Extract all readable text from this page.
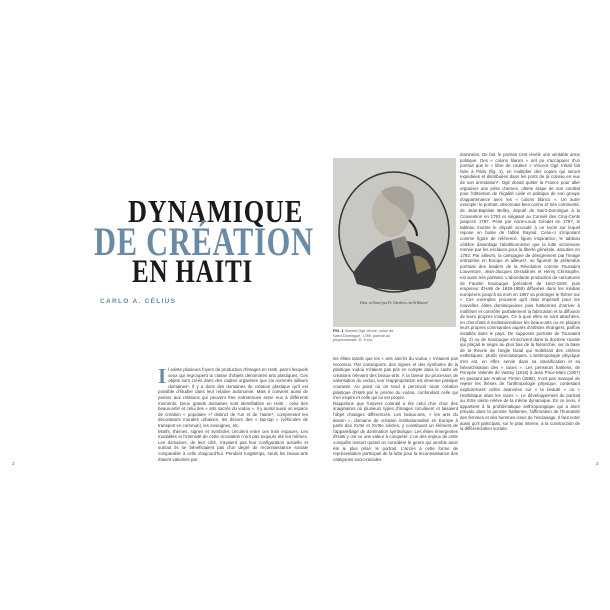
DYNAMIQUE
DE CRÉATION
EN HAITI
CARLO A. CÉLIUS
I l existe plusieurs foyers de production d'images en Haïti, parmi lesquels ceux qui regroupent la classe d'objets dénommés arts plastiques. Ces objets sont créés dans des cadres organisés que j'ai nommés ailleurs domaines¹. Il y a donc des domaines de création plastique qu'il est possible d'étudier dans leur relative autonomie. Mais il convient aussi de penser aux relations qui peuvent être entretenues entre eux à différents moments. Deux grands domaines sont identifiables en Haïti : celui des beaux-arts² et celui des « arts sacrés du vodou ». Il y aurait aussi un espace de création « populaire »³ distinct de l'un et de l'autre⁴, comprenant les décorations murales urbaines, les décors des « tap-tap » (véhicules de transport en commun), les enseignes, etc.

Motifs, thèmes, signes et symboles circulent entre ces trois espaces. Les modalités et l'intensité de cette circulation n'ont pas toujours été les mêmes. Les domaines, de leur côté, n'avaient pas leur configuration actuelle et surtout ils ne bénéficiaient pas d'un degré de reconnaissance sociale comparable à celle d'aujourd'hui. Pendant longtemps, seuls les beaux-arts étaient valorisés par

2
Dess. et Gravé par Fr. Chrétien, rue St Honoré
FIG. 1 Vincent Ogé Jeune, colon de Saint-Domingue, 1789, portrait au physionotrace. D. 9 cm.

les élites tandis que les « arts sacrés du vodou » n'étaient pas reconnus. Par conséquent, des signes et des symboles de la plastique vodou n'étaient pas pris en compte dans le cadre de créations relevant des beaux-arts. À la faveur du processus de valorisation du vodou, leur réappropriation est devenue pratique courante. Au point où on tend à percevoir toute création plastique d'Haïti par le prisme du vodou, confondant celle qui s'en inspire et celle qui lui est propre.

Rappelons que l'univers colonial a été celui d'un choc des imaginaires où plusieurs types d'images circulaient et faisaient l'objet d'usages différenciés. Les beaux-arts, « les arts du dessin », domaine de création institutionnalisé en Europe à partir des XVIIe et XVIIIe siècles, y constituent un élément de l'appareillage de domination symbolique. Les élites émergentes d'Haïti y ont vu une valeur à conquérir. L'un des enjeux de cette conquête ressort quand on considère le genre qui semble avoir été le plus prisé: le portrait. L'accès à cette forme de représentation participait de la lutte pour la reconnaissance des catégories socio-raciales

dominées. De fait, le portrait s'est révélé une véritable arme politique. Des « colons blancs » ont pu s'accaparer d'un portrait que le « libre de couleur » Vincent Ogé s'était fait faire à Paris (fig. 1), en multiplier des copies qui seront expédiées et distribuées dans les ports de la colonie en vue de son arrestation⁵. Ogé devait quitter la France pour aller organiser une prise d'armes, ultime étape de son combat pour l'obtention de l'égalité civile et politique de son groupe d'appartenance avec les « colons blancs ». Un autre exemple: le portrait, désormais bien connu et très commenté, de Jean-Baptiste Belley, député de Saint-Domingue à la Convention en 1793 et siégeant au Conseil des Cinq-Cents jusqu'en 1797. Peint par Anne-Louis Girodet en 1797, le tableau montre le député accoudé à un socle sur lequel repose un buste de l'abbé Raynal. Celui-ci s'imposant comme figure de référence, figure inspiratrice, le tableau célèbre davantage l'abolitionnisme que la lutte victorieuse menée par les esclaves pour la liberté générale, abouties en 1793. Par ailleurs, la campagne de dénigrement par l'image entreprise en Europe et ailleurs⁶, où figurent de prétendus portraits des leaders de la Révolution comme Toussaint Louverture, Jean-Jacques Dessalines et Henry Christophe, est aussi très parlante. L'abondante production de caricatures de Faustin Soulouque (président de 1847-1849, puis empereur d'Haïti de 1849-1859) diffusées dans les médias européens jusqu'à sa mort en 1867 va prolonger le thème sur « Ces exemples prouvent qu'il était impératif pour les nouvelles élites dominiquoises puis haïtiennes d'arriver à maîtriser et contrôler parfaitement la fabrication et la diffusion de leurs propres images. Ce à quoi elles se sont attachées, en cherchant à institutionnaliser les beaux-arts ou en plaçant leurs propres commandes auprès d'artistes étrangers, parfois installés dans le pays. De supposés portraits de Toussaint (fig. 2) ou de Soulouque s'inscrivent dans la doctrine raciale qui plaçait le nègre au plus bas de la hiérarchie, sur la base de la théorie de l'angle facial qui mobilisait des critères esthétiques, plutôt néoclassiques. L'anthropologie physique s'en est, en effet, servie dans sa classification et sa hiérarchisation des « races ». Les penseurs haïtiens, de Pompée Valentin de Vastey (1816) à Jean Price-Mars (1907) en passant par Anténor Firmin (1885), n'ont pas manqué de rejeter les thèses de l'anthropologie physique, contestant explicitement celles avancées sur « la beauté » ou « l'esthétique dans les races ». Le développement du portrait au XIXe siècle relève de la même dynamique. En ce sens, il appartient à la problématique anthropologique qui a alors prévalu dans la pensée haïtienne, l'affirmation de l'humanité des femmes et des hommes issus de l'esclavage. Il faut noter aussi qu'il participait, sur le plan interne, à la construction de la différenciation sociale.

3
